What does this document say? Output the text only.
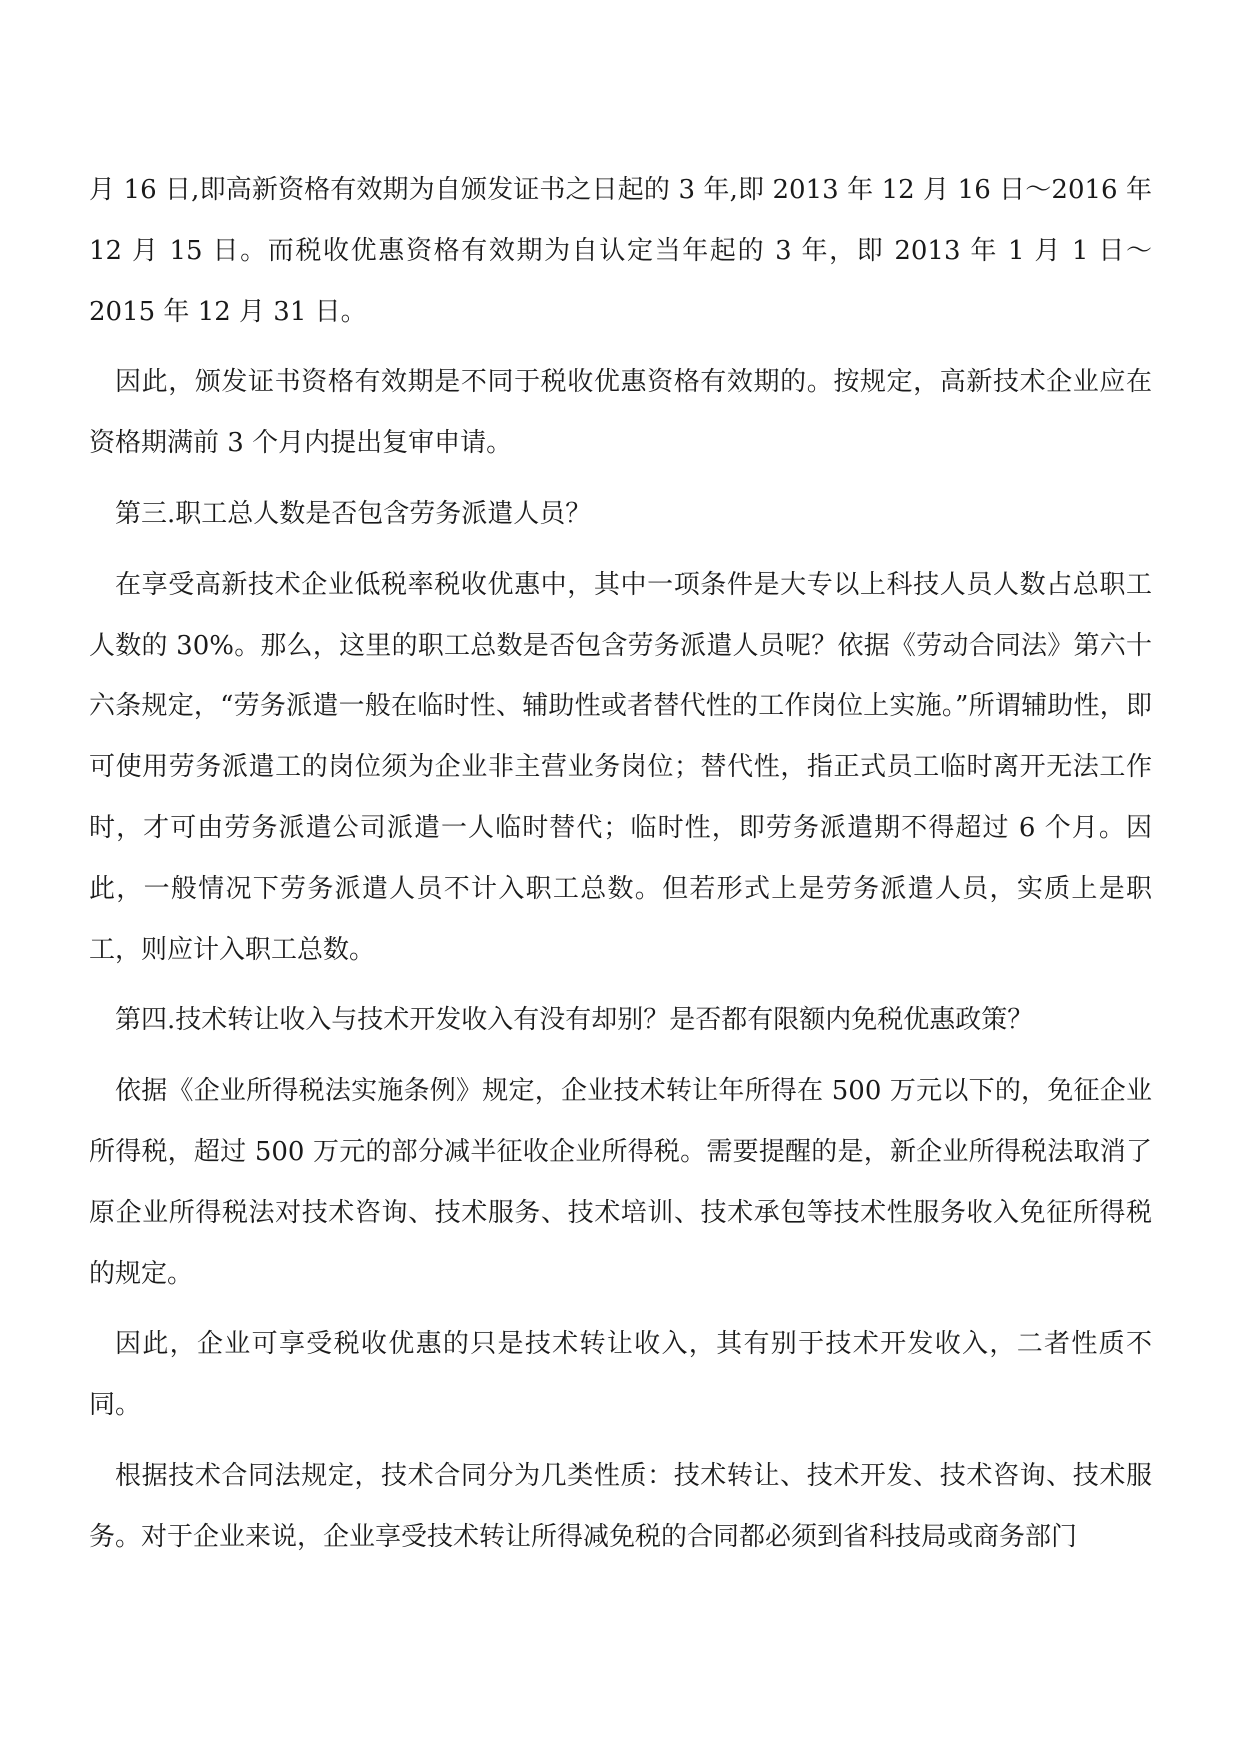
月 16 日,即高新资格有效期为自颁发证书之日起的 3 年,即 2013 年 12 月 16 日～2016 年 12 月 15 日。而税收优惠资格有效期为自认定当年起的 3 年，即 2013 年 1 月 1 日～2015 年 12 月 31 日。

因此，颁发证书资格有效期是不同于税收优惠资格有效期的。按规定，高新技术企业应在资格期满前 3 个月内提出复审申请。

第三.职工总人数是否包含劳务派遣人员？

在享受高新技术企业低税率税收优惠中，其中一项条件是大专以上科技人员人数占总职工人数的 30%。那么，这里的职工总数是否包含劳务派遣人员呢？依据《劳动合同法》第六十六条规定，“劳务派遣一般在临时性、辅助性或者替代性的工作岗位上实施。”所谓辅助性，即可使用劳务派遣工的岗位须为企业非主营业务岗位；替代性，指正式员工临时离开无法工作时，才可由劳务派遣公司派遣一人临时替代；临时性，即劳务派遣期不得超过 6 个月。因此，一般情况下劳务派遣人员不计入职工总数。但若形式上是劳务派遣人员，实质上是职工，则应计入职工总数。

第四.技术转让收入与技术开发收入有没有却别？是否都有限额内免税优惠政策？

依据《企业所得税法实施条例》规定，企业技术转让年所得在 500 万元以下的，免征企业所得税，超过 500 万元的部分减半征收企业所得税。需要提醒的是，新企业所得税法取消了原企业所得税法对技术咨询、技术服务、技术培训、技术承包等技术性服务收入免征所得税的规定。

因此，企业可享受税收优惠的只是技术转让收入，其有别于技术开发收入，二者性质不同。

根据技术合同法规定，技术合同分为几类性质：技术转让、技术开发、技术咨询、技术服务。对于企业来说，企业享受技术转让所得减免税的合同都必须到省科技局或商务部门
